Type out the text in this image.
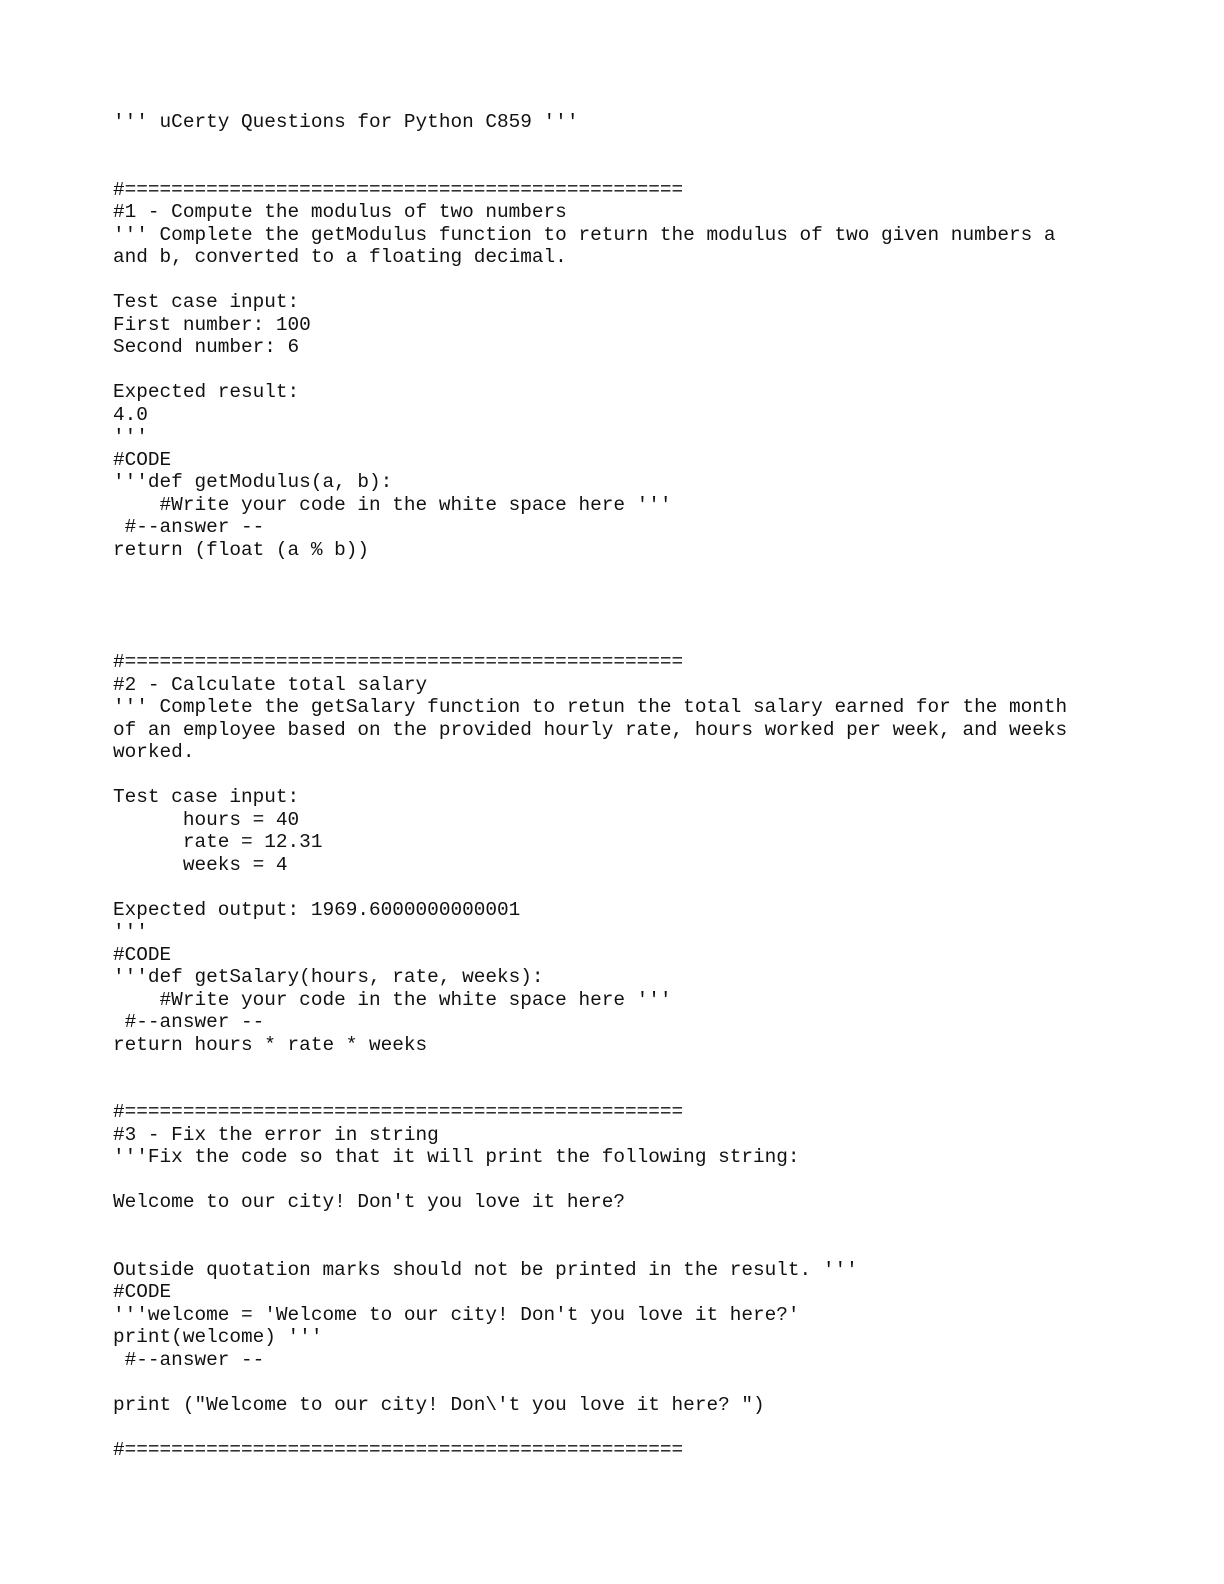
''' uCerty Questions for Python C859 '''

#================================================
#1 - Compute the modulus of two numbers
''' Complete the getModulus function to return the modulus of two given numbers a
and b, converted to a floating decimal.

Test case input:
First number: 100
Second number: 6

Expected result:
4.0
'''
#CODE
'''def getModulus(a, b):
#Write your code in the white space here '''
#--answer --
return (float (a % b))

#================================================
#2 - Calculate total salary
''' Complete the getSalary function to retun the total salary earned for the month
of an employee based on the provided hourly rate, hours worked per week, and weeks
worked.

Test case input:
hours = 40
rate = 12.31
weeks = 4

Expected output: 1969.6000000000001
'''
#CODE
'''def getSalary(hours, rate, weeks):
#Write your code in the white space here '''
#--answer --
return hours * rate * weeks

#================================================
#3 - Fix the error in string
'''Fix the code so that it will print the following string:

Welcome to our city! Don't you love it here?

Outside quotation marks should not be printed in the result. '''
#CODE
'''welcome = 'Welcome to our city! Don't you love it here?'
print(welcome) '''
#--answer --

print ("Welcome to our city! Don\'t you love it here? ")

#================================================
